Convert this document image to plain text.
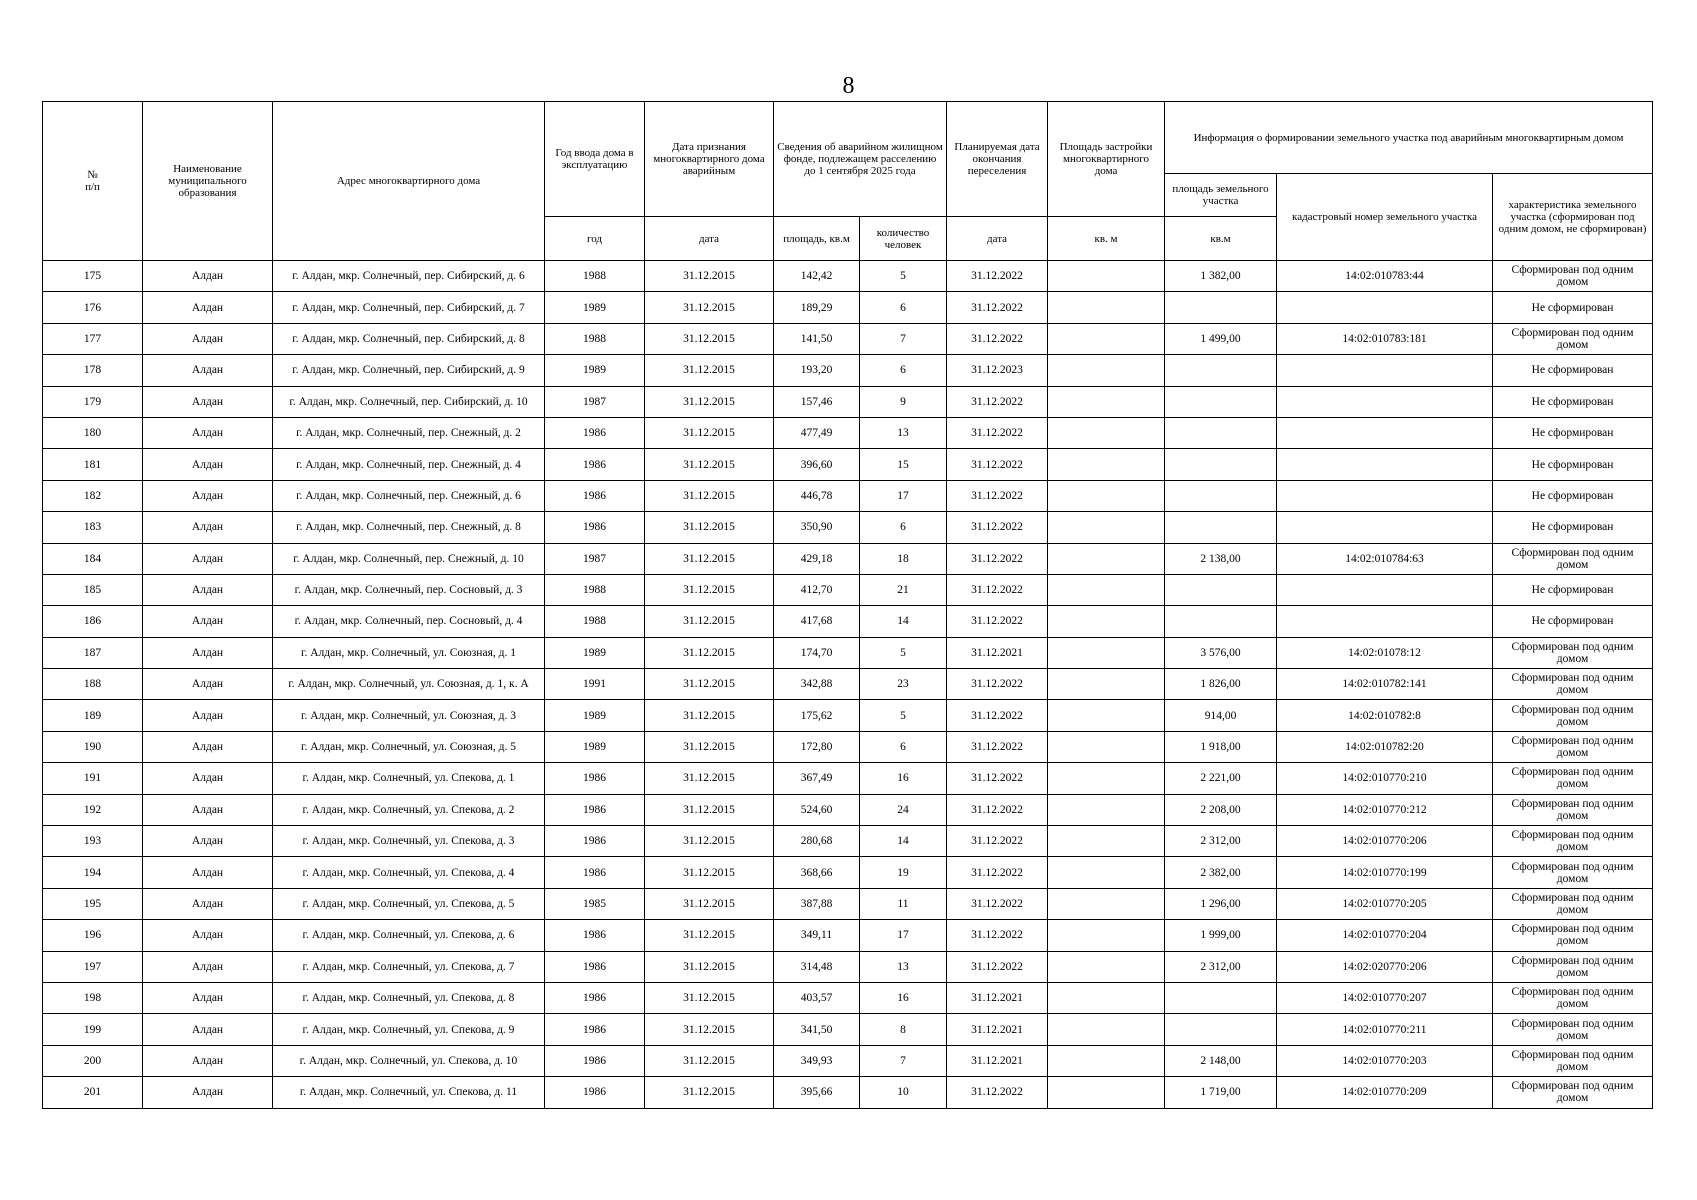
8
№
п/п	Наименование муниципального образования	Адрес многоквартирного дома	Год ввода дома в эксплуатацию	Дата признания многоквартирного дома аварийным	Сведения об аварийном жилищном фонде, подлежащем расселению до 1 сентября 2025 года		Планируемая дата окончания переселения	Площадь застройки многоквартирного дома	Информация о формировании земельного участка под аварийным многоквартирным домом		
									площадь земельного участка	кадастровый номер земельного участка	характеристика земельного участка (сформирован под одним домом, не сформирован)
			год	дата	площадь, кв.м	количество человек	дата	кв. м	кв.м		
175	Алдан	г. Алдан, мкр. Солнечный, пер. Сибирский, д. 6	1988	31.12.2015	142,42	5	31.12.2022		1 382,00	14:02:010783:44	Сформирован под одним домом
176	Алдан	г. Алдан, мкр. Солнечный, пер. Сибирский, д. 7	1989	31.12.2015	189,29	6	31.12.2022				Не сформирован
177	Алдан	г. Алдан, мкр. Солнечный, пер. Сибирский, д. 8	1988	31.12.2015	141,50	7	31.12.2022		1 499,00	14:02:010783:181	Сформирован под одним домом
178	Алдан	г. Алдан, мкр. Солнечный, пер. Сибирский, д. 9	1989	31.12.2015	193,20	6	31.12.2023				Не сформирован
179	Алдан	г. Алдан, мкр. Солнечный, пер. Сибирский, д. 10	1987	31.12.2015	157,46	9	31.12.2022				Не сформирован
180	Алдан	г. Алдан, мкр. Солнечный, пер. Снежный, д. 2	1986	31.12.2015	477,49	13	31.12.2022				Не сформирован
181	Алдан	г. Алдан, мкр. Солнечный, пер. Снежный, д. 4	1986	31.12.2015	396,60	15	31.12.2022				Не сформирован
182	Алдан	г. Алдан, мкр. Солнечный, пер. Снежный, д. 6	1986	31.12.2015	446,78	17	31.12.2022				Не сформирован
183	Алдан	г. Алдан, мкр. Солнечный, пер. Снежный, д. 8	1986	31.12.2015	350,90	6	31.12.2022				Не сформирован
184	Алдан	г. Алдан, мкр. Солнечный, пер. Снежный, д. 10	1987	31.12.2015	429,18	18	31.12.2022		2 138,00	14:02:010784:63	Сформирован под одним домом
185	Алдан	г. Алдан, мкр. Солнечный, пер. Сосновый, д. 3	1988	31.12.2015	412,70	21	31.12.2022				Не сформирован
186	Алдан	г. Алдан, мкр. Солнечный, пер. Сосновый, д. 4	1988	31.12.2015	417,68	14	31.12.2022				Не сформирован
187	Алдан	г. Алдан, мкр. Солнечный, ул. Союзная, д. 1	1989	31.12.2015	174,70	5	31.12.2021		3 576,00	14:02:01078:12	Сформирован под одним домом
188	Алдан	г. Алдан, мкр. Солнечный, ул. Союзная, д. 1, к. А	1991	31.12.2015	342,88	23	31.12.2022		1 826,00	14:02:010782:141	Сформирован под одним домом
189	Алдан	г. Алдан, мкр. Солнечный, ул. Союзная, д. 3	1989	31.12.2015	175,62	5	31.12.2022		914,00	14:02:010782:8	Сформирован под одним домом
190	Алдан	г. Алдан, мкр. Солнечный, ул. Союзная, д. 5	1989	31.12.2015	172,80	6	31.12.2022		1 918,00	14:02:010782:20	Сформирован под одним домом
191	Алдан	г. Алдан, мкр. Солнечный, ул. Спекова, д. 1	1986	31.12.2015	367,49	16	31.12.2022		2 221,00	14:02:010770:210	Сформирован под одним домом
192	Алдан	г. Алдан, мкр. Солнечный, ул. Спекова, д. 2	1986	31.12.2015	524,60	24	31.12.2022		2 208,00	14:02:010770:212	Сформирован под одним домом
193	Алдан	г. Алдан, мкр. Солнечный, ул. Спекова, д. 3	1986	31.12.2015	280,68	14	31.12.2022		2 312,00	14:02:010770:206	Сформирован под одним домом
194	Алдан	г. Алдан, мкр. Солнечный, ул. Спекова, д. 4	1986	31.12.2015	368,66	19	31.12.2022		2 382,00	14:02:010770:199	Сформирован под одним домом
195	Алдан	г. Алдан, мкр. Солнечный, ул. Спекова, д. 5	1985	31.12.2015	387,88	11	31.12.2022		1 296,00	14:02:010770:205	Сформирован под одним домом
196	Алдан	г. Алдан, мкр. Солнечный, ул. Спекова, д. 6	1986	31.12.2015	349,11	17	31.12.2022		1 999,00	14:02:010770:204	Сформирован под одним домом
197	Алдан	г. Алдан, мкр. Солнечный, ул. Спекова, д. 7	1986	31.12.2015	314,48	13	31.12.2022		2 312,00	14:02:020770:206	Сформирован под одним домом
198	Алдан	г. Алдан, мкр. Солнечный, ул. Спекова, д. 8	1986	31.12.2015	403,57	16	31.12.2021			14:02:010770:207	Сформирован под одним домом
199	Алдан	г. Алдан, мкр. Солнечный, ул. Спекова, д. 9	1986	31.12.2015	341,50	8	31.12.2021			14:02:010770:211	Сформирован под одним домом
200	Алдан	г. Алдан, мкр. Солнечный, ул. Спекова, д. 10	1986	31.12.2015	349,93	7	31.12.2021		2 148,00	14:02:010770:203	Сформирован под одним домом
201	Алдан	г. Алдан, мкр. Солнечный, ул. Спекова, д. 11	1986	31.12.2015	395,66	10	31.12.2022		1 719,00	14:02:010770:209	Сформирован под одним домом
